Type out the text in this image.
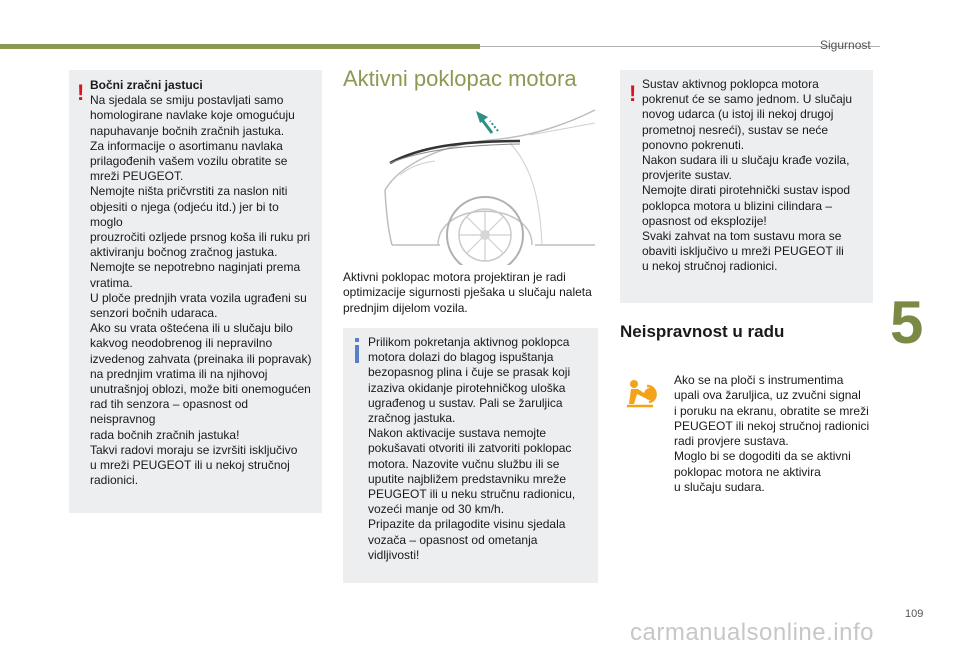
Sigurnost
5
! Bočni zračni jastuci

Na sjedala se smiju postavljati samo
homologirane navlake koje omogućuju
napuhavanje bočnih zračnih jastuka.
Za informacije o asortimanu navlaka
prilagođenih vašem vozilu obratite se
mreži PEUGEOT.
Nemojte ništa pričvrstiti za naslon niti
objesiti o njega (odjeću itd.) jer bi to moglo
prouzročiti ozljede prsnog koša ili ruku pri
aktiviranju bočnog zračnog jastuka.
Nemojte se nepotrebno naginjati prema
vratima.
U ploče prednjih vrata vozila ugrađeni su
senzori bočnih udaraca.
Ako su vrata oštećena ili u slučaju bilo
kakvog neodobrenog ili nepravilno
izvedenog zahvata (preinaka ili popravak)
na prednjim vratima ili na njihovoj
unutrašnjoj oblozi, može biti onemogućen
rad tih senzora – opasnost od neispravnog
rada bočnih zračnih jastuka!
Takvi radovi moraju se izvršiti isključivo
u mreži PEUGEOT ili u nekoj stručnoj
radionici.

Aktivni poklopac motora

Aktivni poklopac motora projektiran je radi
optimizacije sigurnosti pješaka u slučaju naleta
prednjim dijelom vozila.

Prilikom pokretanja aktivnog poklopca
motora dolazi do blagog ispuštanja
bezopasnog plina i čuje se prasak koji
izaziva okidanje pirotehničkog uloška
ugrađenog u sustav. Pali se žaruljica
zračnog jastuka.
Nakon aktivacije sustava nemojte
pokušavati otvoriti ili zatvoriti poklopac
motora. Nazovite vučnu službu ili se
uputite najbližem predstavniku mreže
PEUGEOT ili u neku stručnu radionicu,
vozeći manje od 30 km/h.
Pripazite da prilagodite visinu sjedala
vozača – opasnost od ometanja vidljivosti!

! Sustav aktivnog poklopca motora
pokrenut će se samo jednom. U slučaju
novog udarca (u istoj ili nekoj drugoj
prometnoj nesreći), sustav se neće
ponovno pokrenuti.
Nakon sudara ili u slučaju krađe vozila,
provjerite sustav.
Nemojte dirati pirotehnički sustav ispod
poklopca motora u blizini cilindara –
opasnost od eksplozije!
Svaki zahvat na tom sustavu mora se
obaviti isključivo u mreži PEUGEOT ili
u nekoj stručnoj radionici.

Neispravnost u radu

Ako se na ploči s instrumentima
upali ova žaruljica, uz zvučni signal
i poruku na ekranu, obratite se mreži
PEUGEOT ili nekoj stručnoj radionici
radi provjere sustava.
Moglo bi se dogoditi da se aktivni
poklopac motora ne aktivira
u slučaju sudara.

109
carmanualsonline.info
